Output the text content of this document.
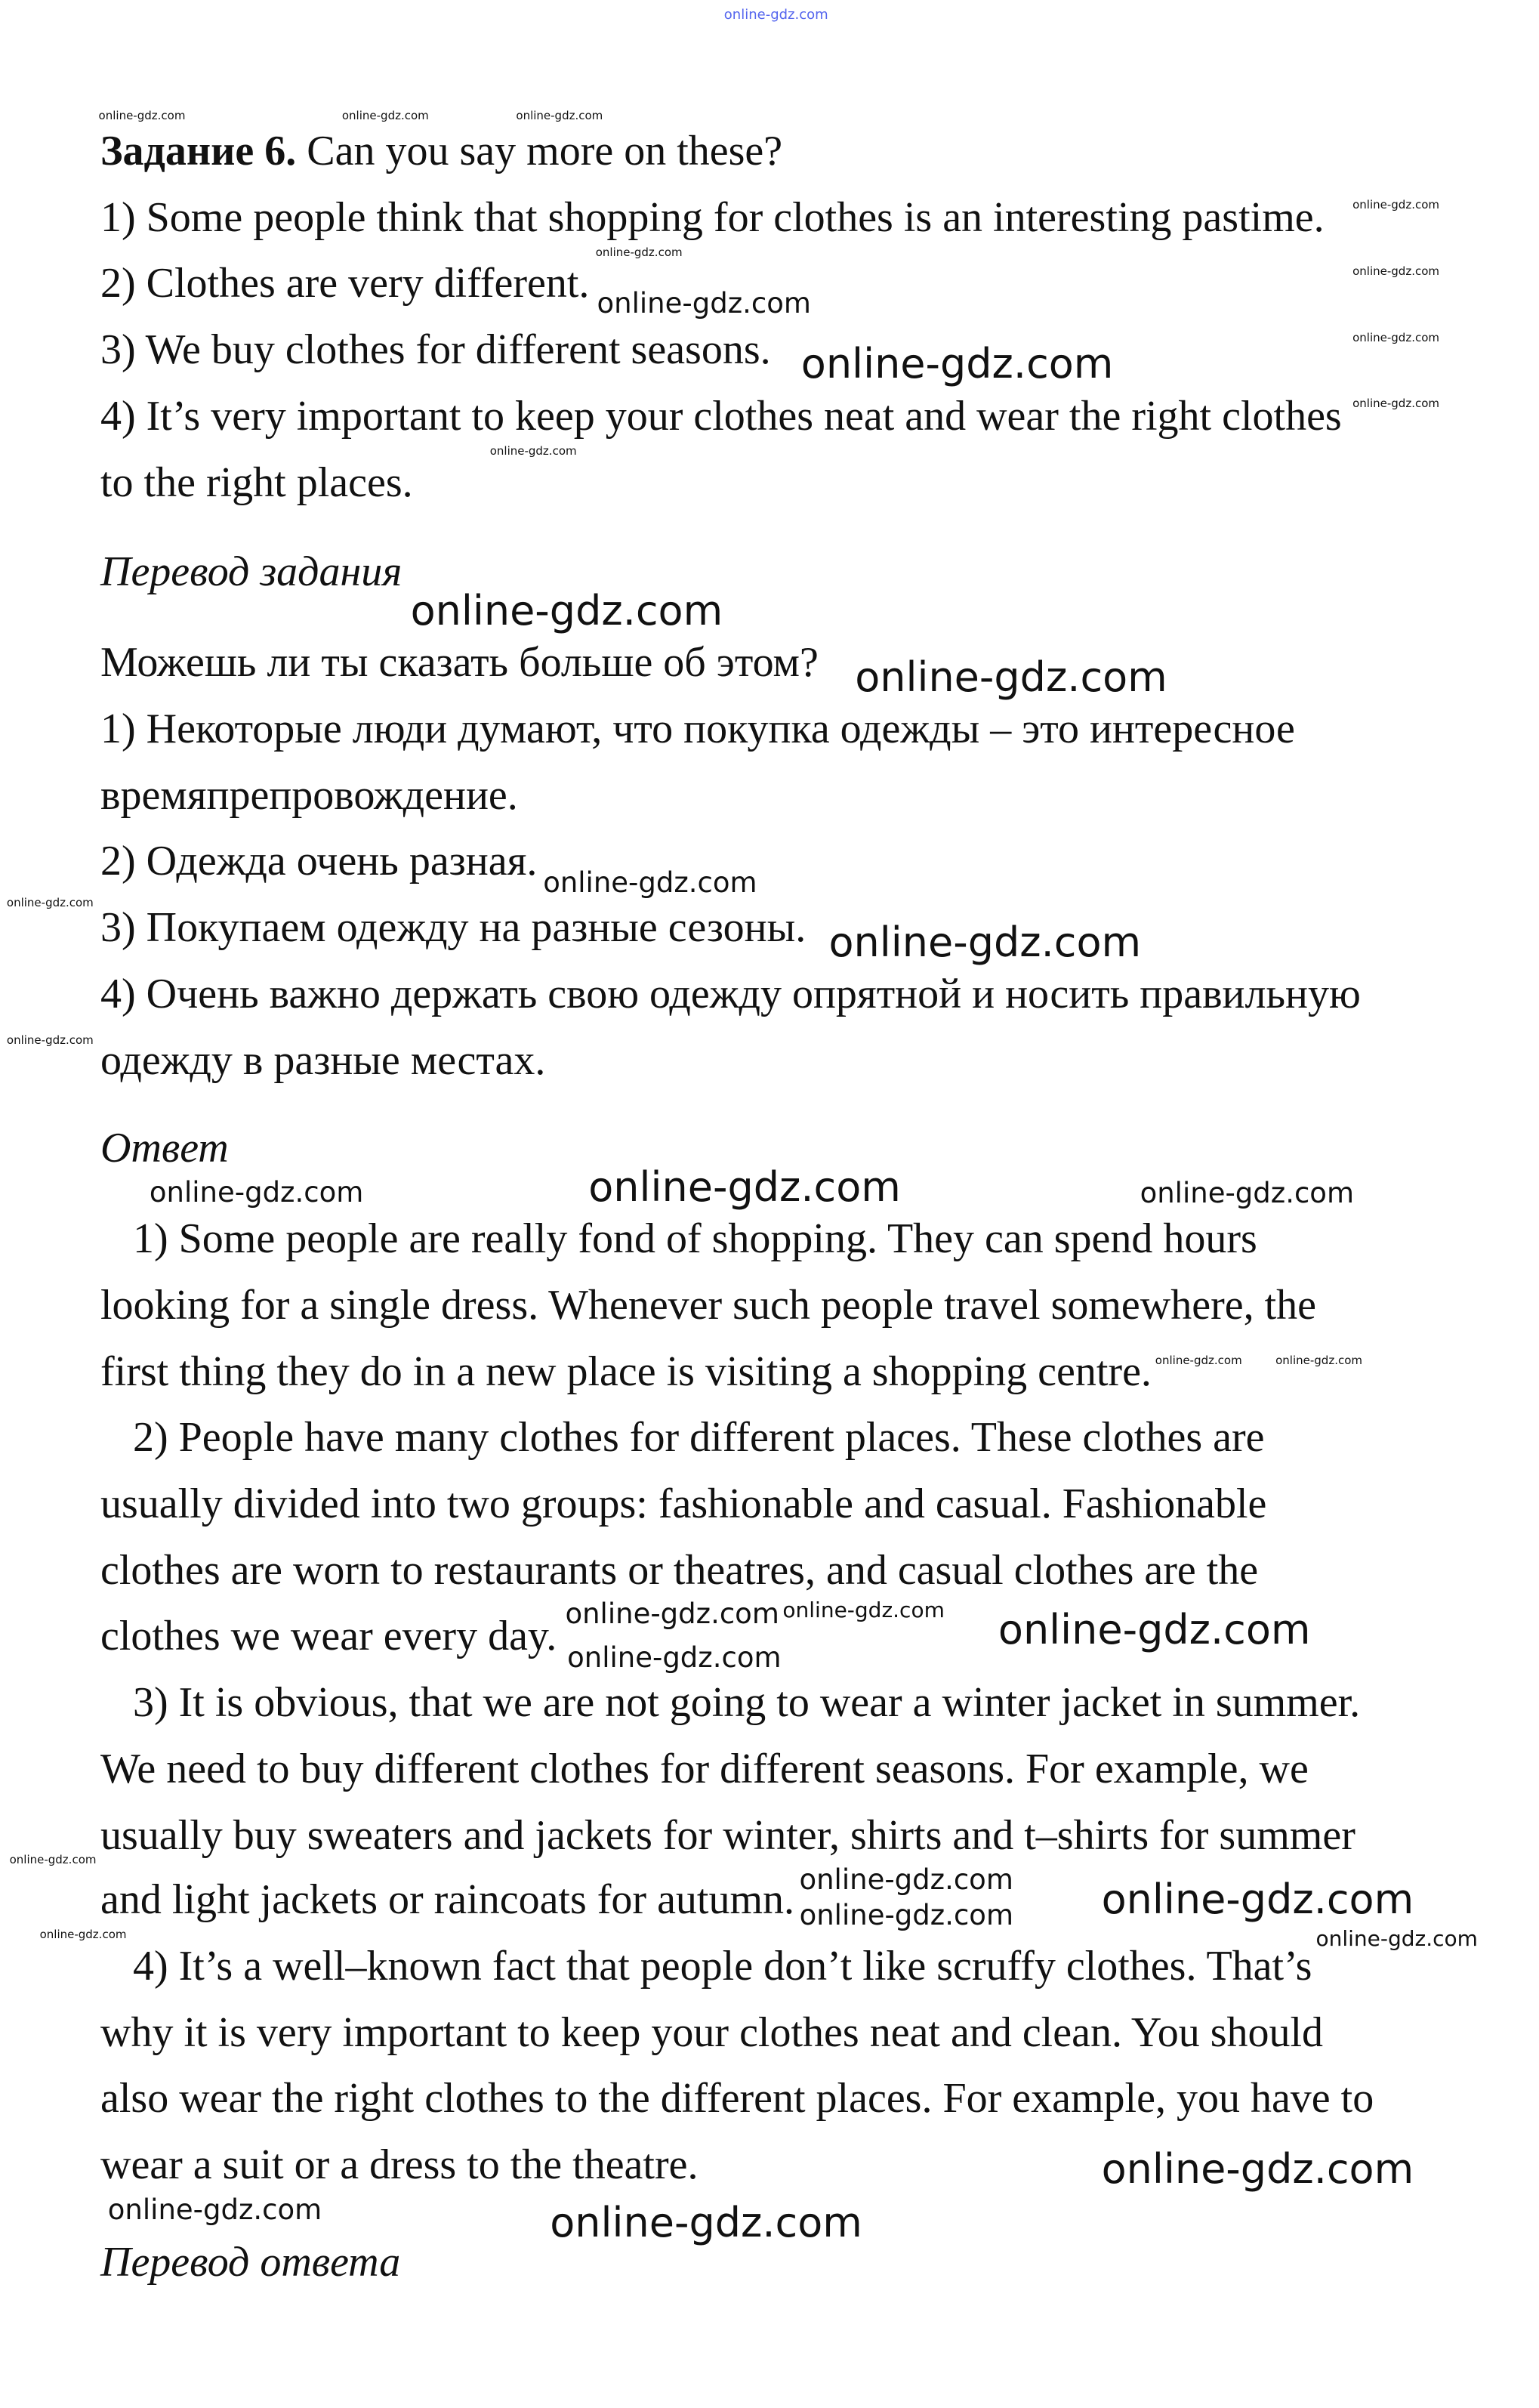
Задание 6. Can you say more on these?
1) Some people think that shopping for clothes is an interesting pastime.
2) Clothes are very different.
3) We buy clothes for different seasons.
4) It’s very important to keep your clothes neat and wear the right clothes
to the right places.
Перевод задания
Можешь ли ты сказать больше об этом?
1) Некоторые люди думают, что покупка одежды – это интересное
времяпрепровождение.
2) Одежда очень разная.
3) Покупаем одежду на разные сезоны.
4) Очень важно держать свою одежду опрятной и носить правильную
одежду в разные местах.
Ответ
1) Some people are really fond of shopping. They can spend hours
looking for a single dress. Whenever such people travel somewhere, the
first thing they do in a new place is visiting a shopping centre.
2) People have many clothes for different places. These clothes are
usually divided into two groups: fashionable and casual. Fashionable
clothes are worn to restaurants or theatres, and casual clothes are the
clothes we wear every day.
3) It is obvious, that we are not going to wear a winter jacket in summer.
We need to buy different clothes for different seasons. For example, we
usually buy sweaters and jackets for winter, shirts and t–shirts for summer
and light jackets or raincoats for autumn.
4) It’s a well–known fact that people don’t like scruffy clothes. That’s
why it is very important to keep your clothes neat and clean. You should
also wear the right clothes to the different places. For example, you have to
wear a suit or a dress to the theatre.
Перевод ответа
online-gdz.com
online-gdz.com
online-gdz.com
online-gdz.com
online-gdz.com
online-gdz.com
online-gdz.com
online-gdz.com
online-gdz.com
online-gdz.com
online-gdz.com
online-gdz.com
online-gdz.com	online-gdz.com
online-gdz.com
online-gdz.com
online-gdz.com
online-gdz.com
online-gdz.com
online-gdz.com
online-gdz.com
online-gdz.com
online-gdz.com
online-gdz.com
online-gdz.com
online-gdz.com
online-gdz.com
online-gdz.com	online-gdz.com	online-gdz.com
online-gdz.com
online-gdz.com
online-gdz.com	online-gdz.com
online-gdz.com
online-gdz.com
